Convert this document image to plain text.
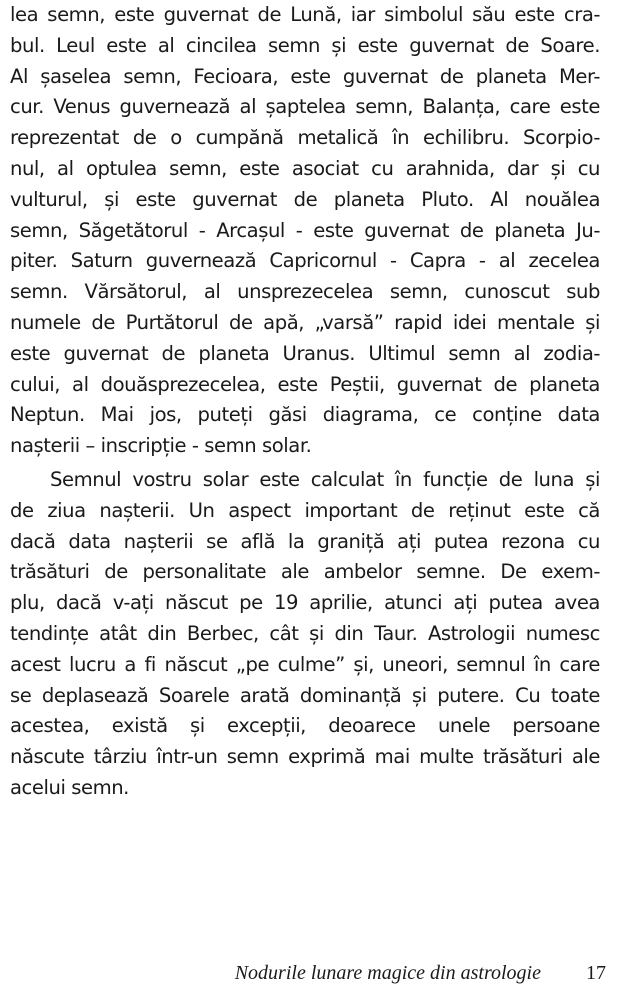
lea semn, este guvernat de Lună, iar simbolul său este cra-
bul. Leul este al cincilea semn și este guvernat de Soare.
Al șaselea semn, Fecioara, este guvernat de planeta Mer-
cur. Venus guvernează al șaptelea semn, Balanța, care este
reprezentat de o cumpănă metalică în echilibru. Scorpio-
nul, al optulea semn, este asociat cu arahnida, dar și cu
vulturul, și este guvernat de planeta Pluto. Al nouălea
semn, Săgetătorul - Arcașul - este guvernat de planeta Ju-
piter. Saturn guvernează Capricornul - Capra - al zecelea
semn. Vărsătorul, al unsprezecelea semn, cunoscut sub
numele de Purtătorul de apă, „varsă” rapid idei mentale și
este guvernat de planeta Uranus. Ultimul semn al zodia-
cului, al douăsprezecelea, este Peștii, guvernat de planeta
Neptun. Mai jos, puteți găsi diagrama, ce conține data
nașterii – inscripție - semn solar.
Semnul vostru solar este calculat în funcție de luna și
de ziua nașterii. Un aspect important de reținut este că
dacă data nașterii se află la graniță ați putea rezona cu
trăsături de personalitate ale ambelor semne. De exem-
plu, dacă v-ați născut pe 19 aprilie, atunci ați putea avea
tendințe atât din Berbec, cât și din Taur. Astrologii numesc
acest lucru a fi născut „pe culme” și, uneori, semnul în care
se deplasează Soarele arată dominanță și putere. Cu toate
acestea, există și excepții, deoarece unele persoane
născute târziu într-un semn exprimă mai multe trăsături ale
acelui semn.
Nodurile lunare magice din astrologie 17
